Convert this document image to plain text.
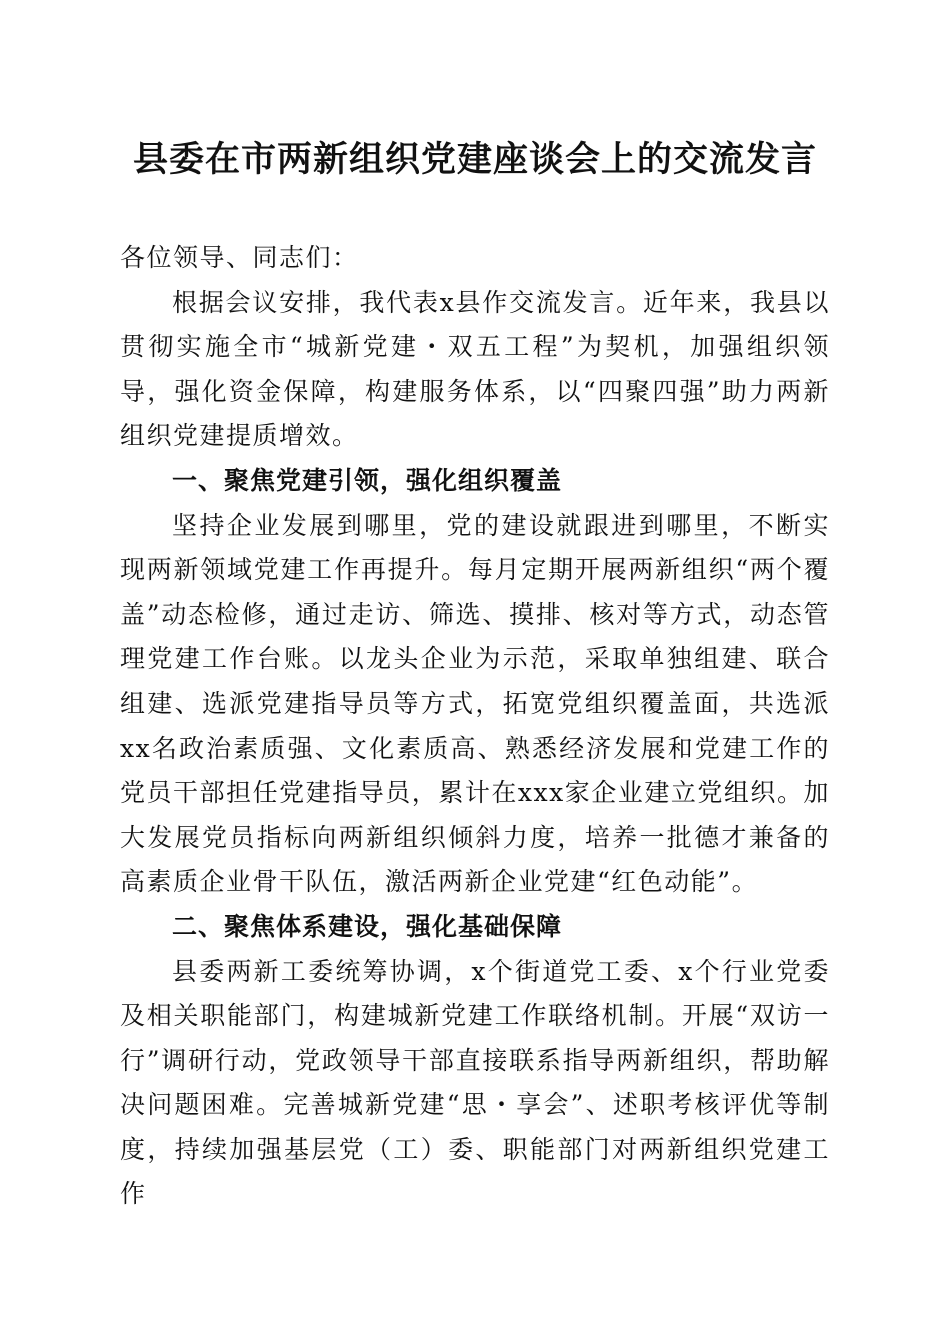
县委在市两新组织党建座谈会上的交流发言

各位领导、同志们：

根据会议安排，我代表x县作交流发言。近年来，我县以贯彻实施全市“城新党建・双五工程”为契机，加强组织领导，强化资金保障，构建服务体系，以“四聚四强”助力两新组织党建提质增效。

一、聚焦党建引领，强化组织覆盖

坚持企业发展到哪里，党的建设就跟进到哪里，不断实现两新领域党建工作再提升。每月定期开展两新组织“两个覆盖”动态检修，通过走访、筛选、摸排、核对等方式，动态管理党建工作台账。以龙头企业为示范，采取单独组建、联合组建、选派党建指导员等方式，拓宽党组织覆盖面，共选派xx名政治素质强、文化素质高、熟悉经济发展和党建工作的党员干部担任党建指导员，累计在xxx家企业建立党组织。加大发展党员指标向两新组织倾斜力度，培养一批德才兼备的高素质企业骨干队伍，激活两新企业党建“红色动能”。

二、聚焦体系建设，强化基础保障

县委两新工委统筹协调，x个街道党工委、x个行业党委及相关职能部门，构建城新党建工作联络机制。开展“双访一行”调研行动，党政领导干部直接联系指导两新组织，帮助解决问题困难。完善城新党建“思・享会”、述职考核评优等制度，持续加强基层党（工）委、职能部门对两新组织党建工作
